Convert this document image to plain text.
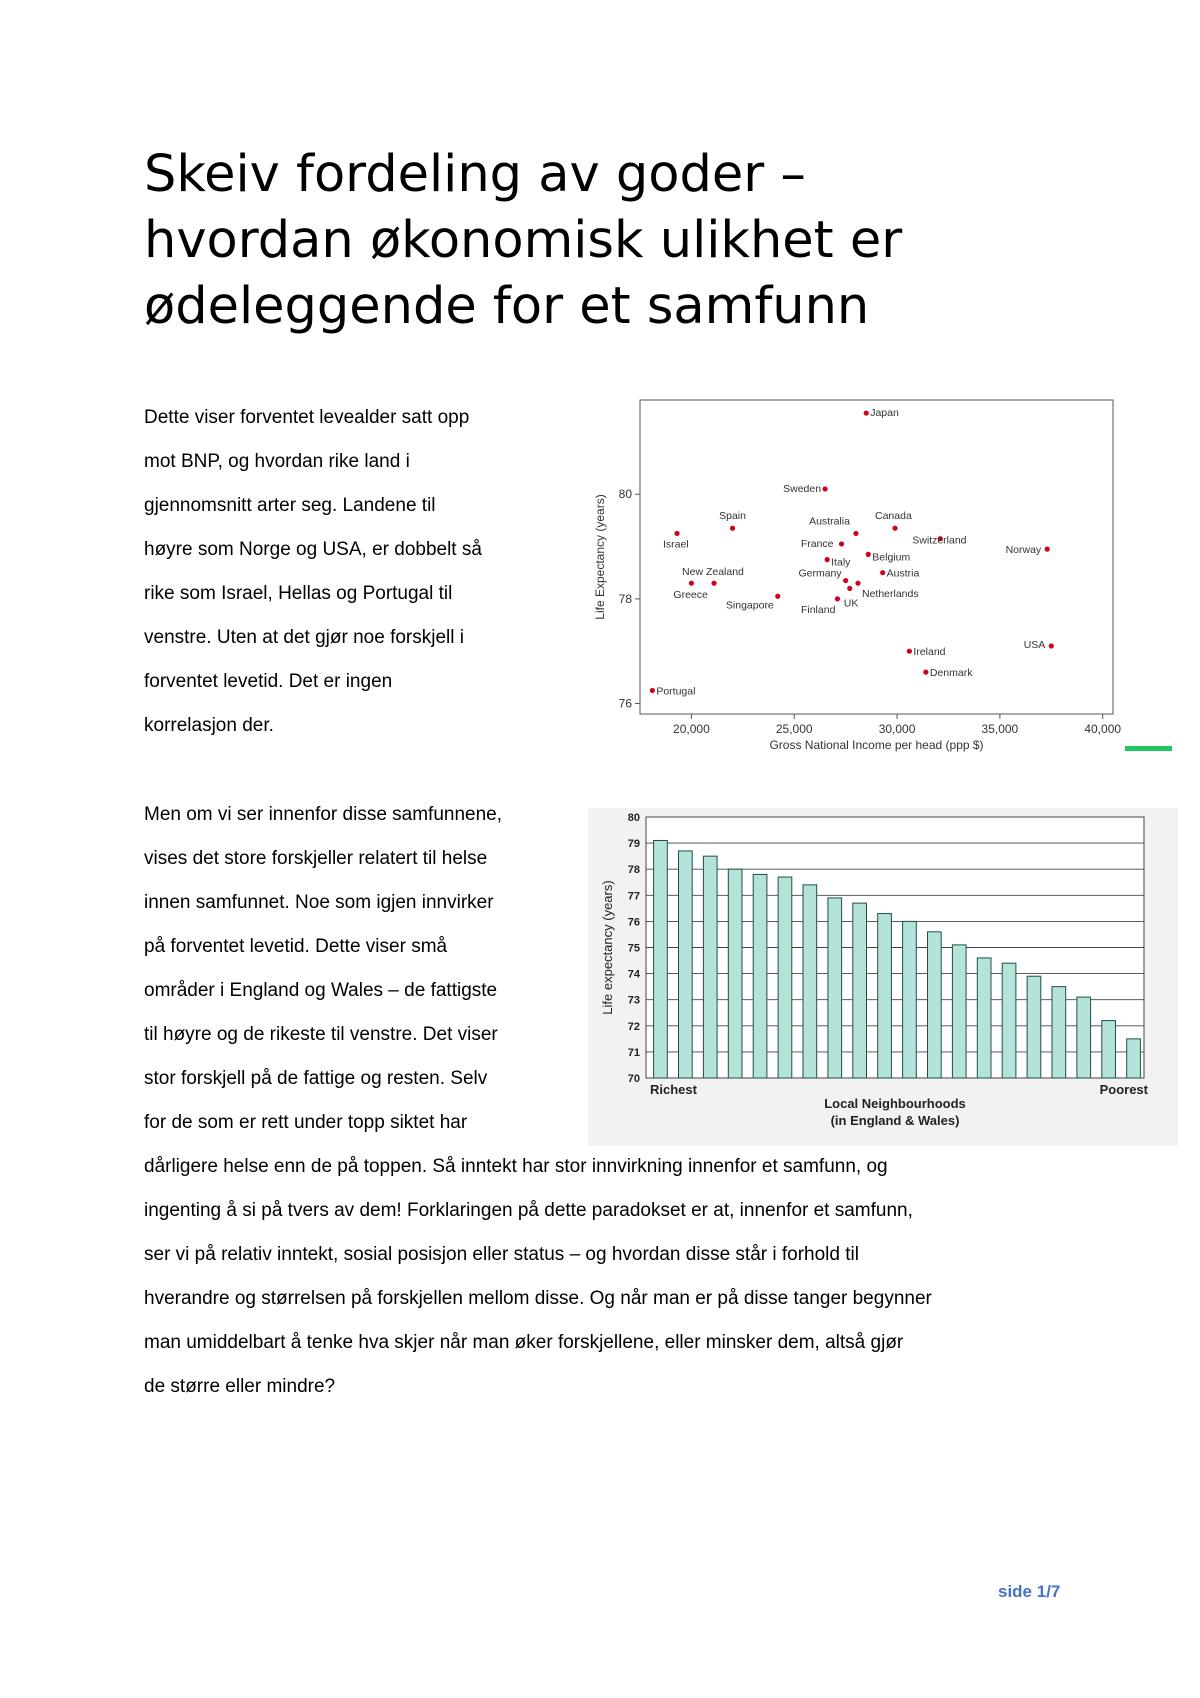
Skeiv fordeling av goder –
hvordan økonomisk ulikhet er
ødeleggende for et samfunn
Dette viser forventet levealder satt opp
mot BNP, og hvordan rike land i
gjennomsnitt arter seg. Landene til
høyre som Norge og USA, er dobbelt så
rike som Israel, Hellas og Portugal til
venstre. Uten at det gjør noe forskjell i
forventet levetid. Det er ingen
korrelasjon der.	20,000	25,000	30,000	35,000	40,000
76
78
80
Gross National Income per head (ppp $)
Life Expectancy (years)
Japan
Sweden
Spain
Israel
Australia Canada
Switzerland
France
Norway
Italy Belgium
Austria
New Zealand
Greece
Germany
Netherlands
UK
Singapore	Finland
USA
Ireland
Denmark
Portugal
Men om vi ser innenfor disse samfunnene,
vises det store forskjeller relatert til helse
innen samfunnet. Noe som igjen innvirker
på forventet levetid. Dette viser små
områder i England og Wales – de fattigste
til høyre og de rikeste til venstre. Det viser
stor forskjell på de fattige og resten. Selv
for de som er rett under topp siktet har
dårligere helse enn de på toppen. Så inntekt har stor innvirkning innenfor et samfunn, og
ingenting å si på tvers av dem! Forklaringen på dette paradokset er at, innenfor et samfunn,
ser vi på relativ inntekt, sosial posisjon eller status – og hvordan disse står i forhold til
hverandre og størrelsen på forskjellen mellom disse. Og når man er på disse tanger begynner
man umiddelbart å tenke hva skjer når man øker forskjellene, eller minsker dem, altså gjør
de større eller mindre?
70
71
72
73
74
75
76
77
78
79
80
Richest	Poorest
Local Neighbourhoods
(in England & Wales)
Life expectancy (years)
side 1/7
